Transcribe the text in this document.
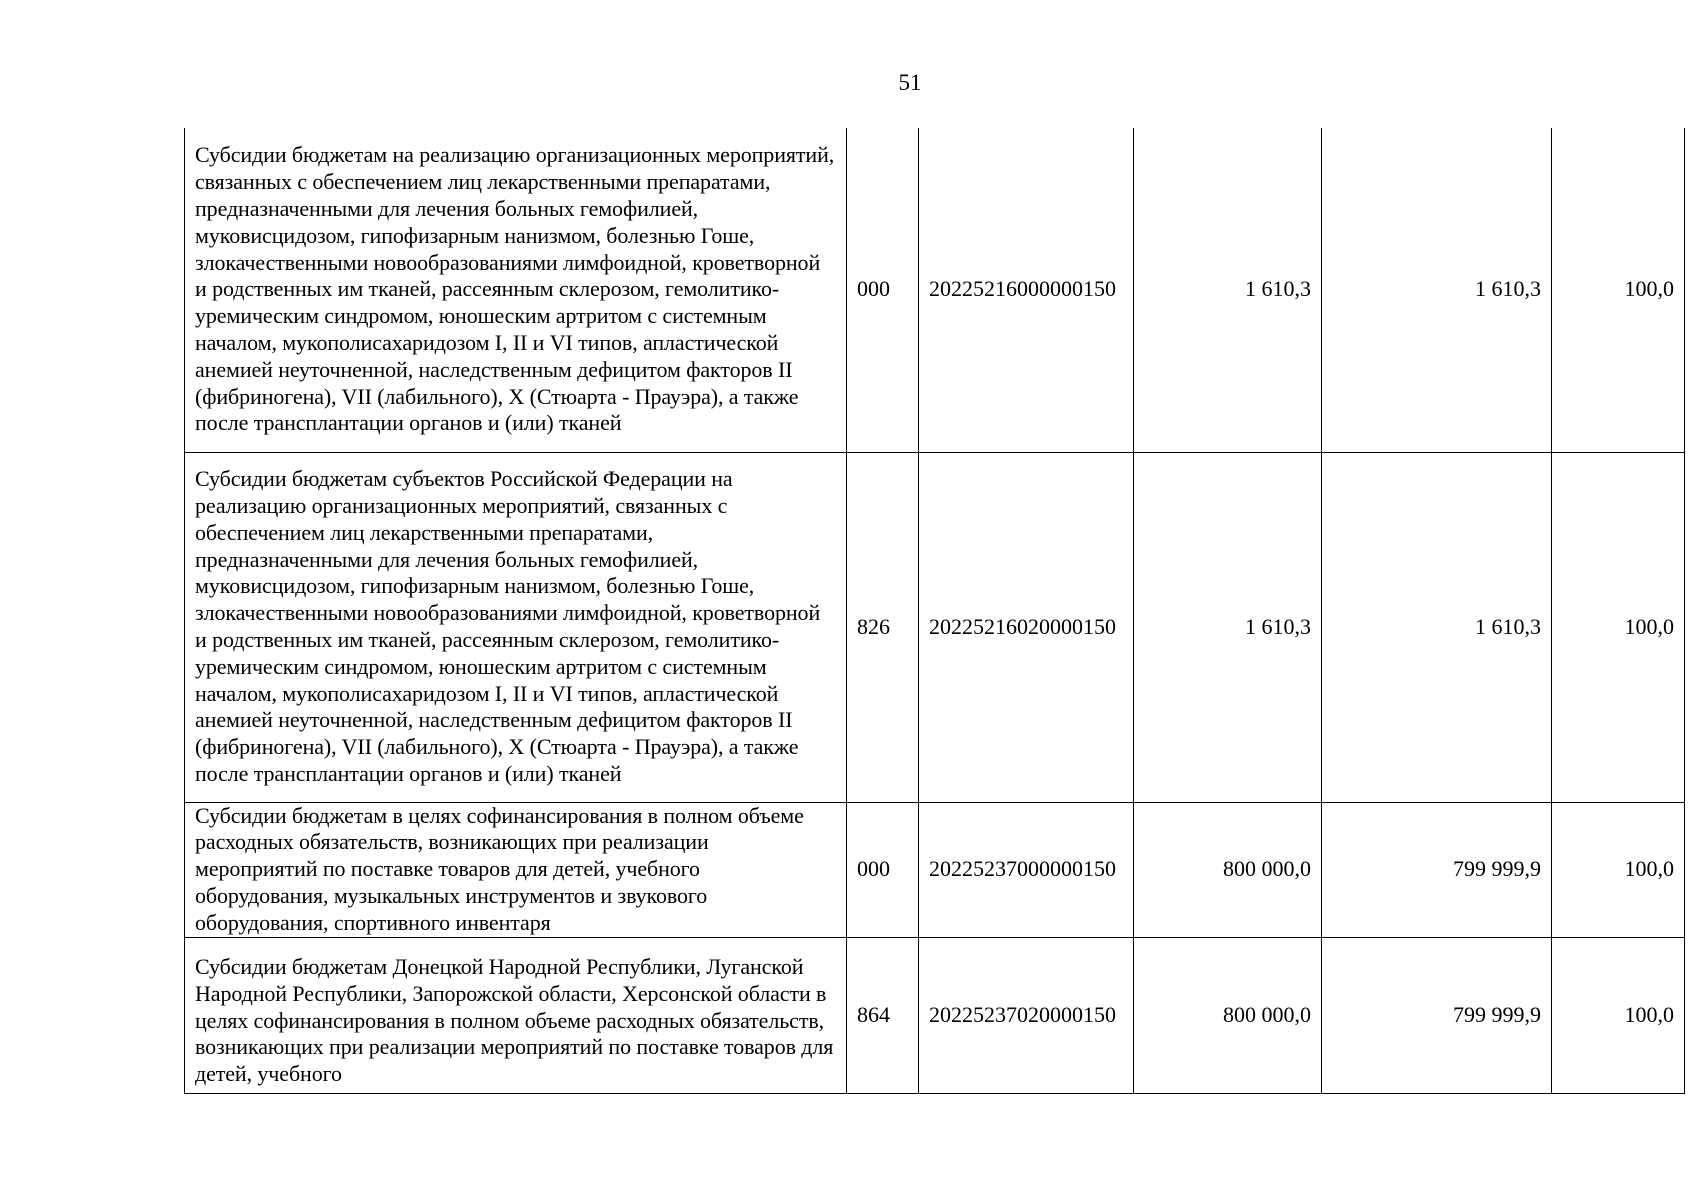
51
Субсидии бюджетам на реализацию организационных мероприятий, связанных с обеспечением лиц лекарственными препаратами, предназначенными для лечения больных гемофилией, муковисцидозом, гипофизарным нанизмом, болезнью Гоше, злокачественными новообразованиями лимфоидной, кроветворной и родственных им тканей, рассеянным склерозом, гемолитико-уремическим синдромом, юношеским артритом с системным началом, мукополисахаридозом I, II и VI типов, апластической анемией неуточненной, наследственным дефицитом факторов II (фибриногена), VII (лабильного), X (Стюарта - Прауэра), а также после трансплантации органов и (или) тканей	000	20225216000000150	1 610,3	1 610,3	100,0
Субсидии бюджетам субъектов Российской Федерации на реализацию организационных мероприятий, связанных с обеспечением лиц лекарственными препаратами, предназначенными для лечения больных гемофилией, муковисцидозом, гипофизарным нанизмом, болезнью Гоше, злокачественными новообразованиями лимфоидной, кроветворной и родственных им тканей, рассеянным склерозом, гемолитико-уремическим синдромом, юношеским артритом с системным началом, мукополисахаридозом I, II и VI типов, апластической анемией неуточненной, наследственным дефицитом факторов II (фибриногена), VII (лабильного), X (Стюарта - Прауэра), а также после трансплантации органов и (или) тканей	826	20225216020000150	1 610,3	1 610,3	100,0
Субсидии бюджетам в целях софинансирования в полном объеме расходных обязательств, возникающих при реализации мероприятий по поставке товаров для детей, учебного оборудования, музыкальных инструментов и звукового оборудования, спортивного инвентаря	000	20225237000000150	800 000,0	799 999,9	100,0
Субсидии бюджетам Донецкой Народной Республики, Луганской Народной Республики, Запорожской области, Херсонской области в целях софинансирования в полном объеме расходных обязательств, возникающих при реализации мероприятий по поставке товаров для детей, учебного	864	20225237020000150	800 000,0	799 999,9	100,0
